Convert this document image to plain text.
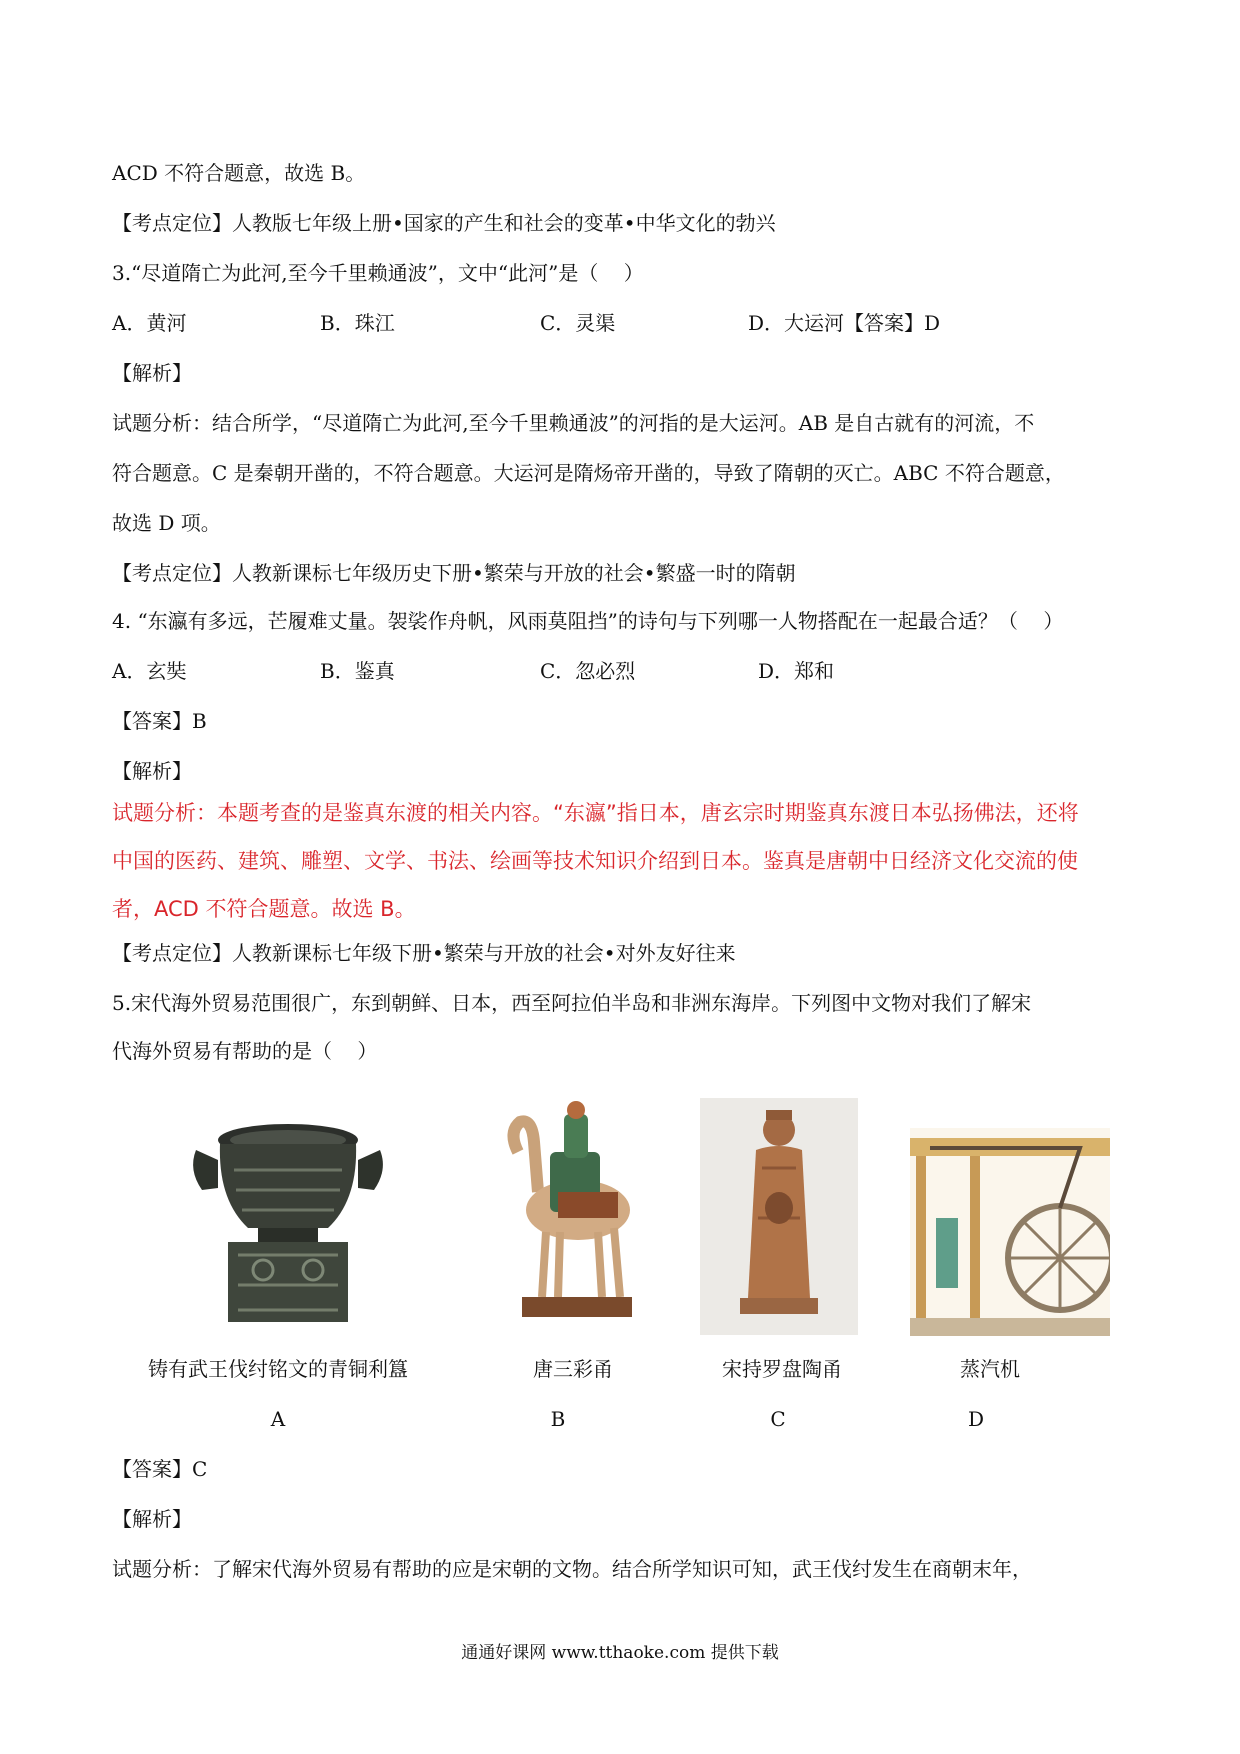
ACD 不符合题意，故选 B。
【考点定位】人教版七年级上册•国家的产生和社会的变革•中华文化的勃兴
3.“尽道隋亡为此河,至今千里赖通波”，文中“此河”是（    ）
A．黄河	B．珠江	C．灵渠	D．大运河【答案】D
【解析】
试题分析：结合所学，“尽道隋亡为此河,至今千里赖通波”的河指的是大运河。AB 是自古就有的河流，不
符合题意。C 是秦朝开凿的，不符合题意。大运河是隋炀帝开凿的，导致了隋朝的灭亡。ABC 不符合题意，
故选 D 项。
【考点定位】人教新课标七年级历史下册•繁荣与开放的社会•繁盛一时的隋朝
4. “东瀛有多远，芒履难丈量。袈裟作舟帆，风雨莫阻挡”的诗句与下列哪一人物搭配在一起最合适？（    ）
A．玄奘	B．鉴真	C．忽必烈	D．郑和
【答案】B
【解析】
试题分析：本题考查的是鉴真东渡的相关内容。“东瀛”指日本，唐玄宗时期鉴真东渡日本弘扬佛法，还将
中国的医药、建筑、雕塑、文学、书法、绘画等技术知识介绍到日本。鉴真是唐朝中日经济文化交流的使
者，ACD 不符合题意。故选 B。
【考点定位】人教新课标七年级下册•繁荣与开放的社会•对外友好往来
5.宋代海外贸易范围很广，东到朝鲜、日本，西至阿拉伯半岛和非洲东海岸。下列图中文物对我们了解宋
代海外贸易有帮助的是（    ）
铸有武王伐纣铭文的青铜利簋	唐三彩甬	宋持罗盘陶甬	蒸汽机
A	B	C	D
【答案】C
【解析】
试题分析：了解宋代海外贸易有帮助的应是宋朝的文物。结合所学知识可知，武王伐纣发生在商朝末年，
通通好课网 www.tthaoke.com 提供下载
